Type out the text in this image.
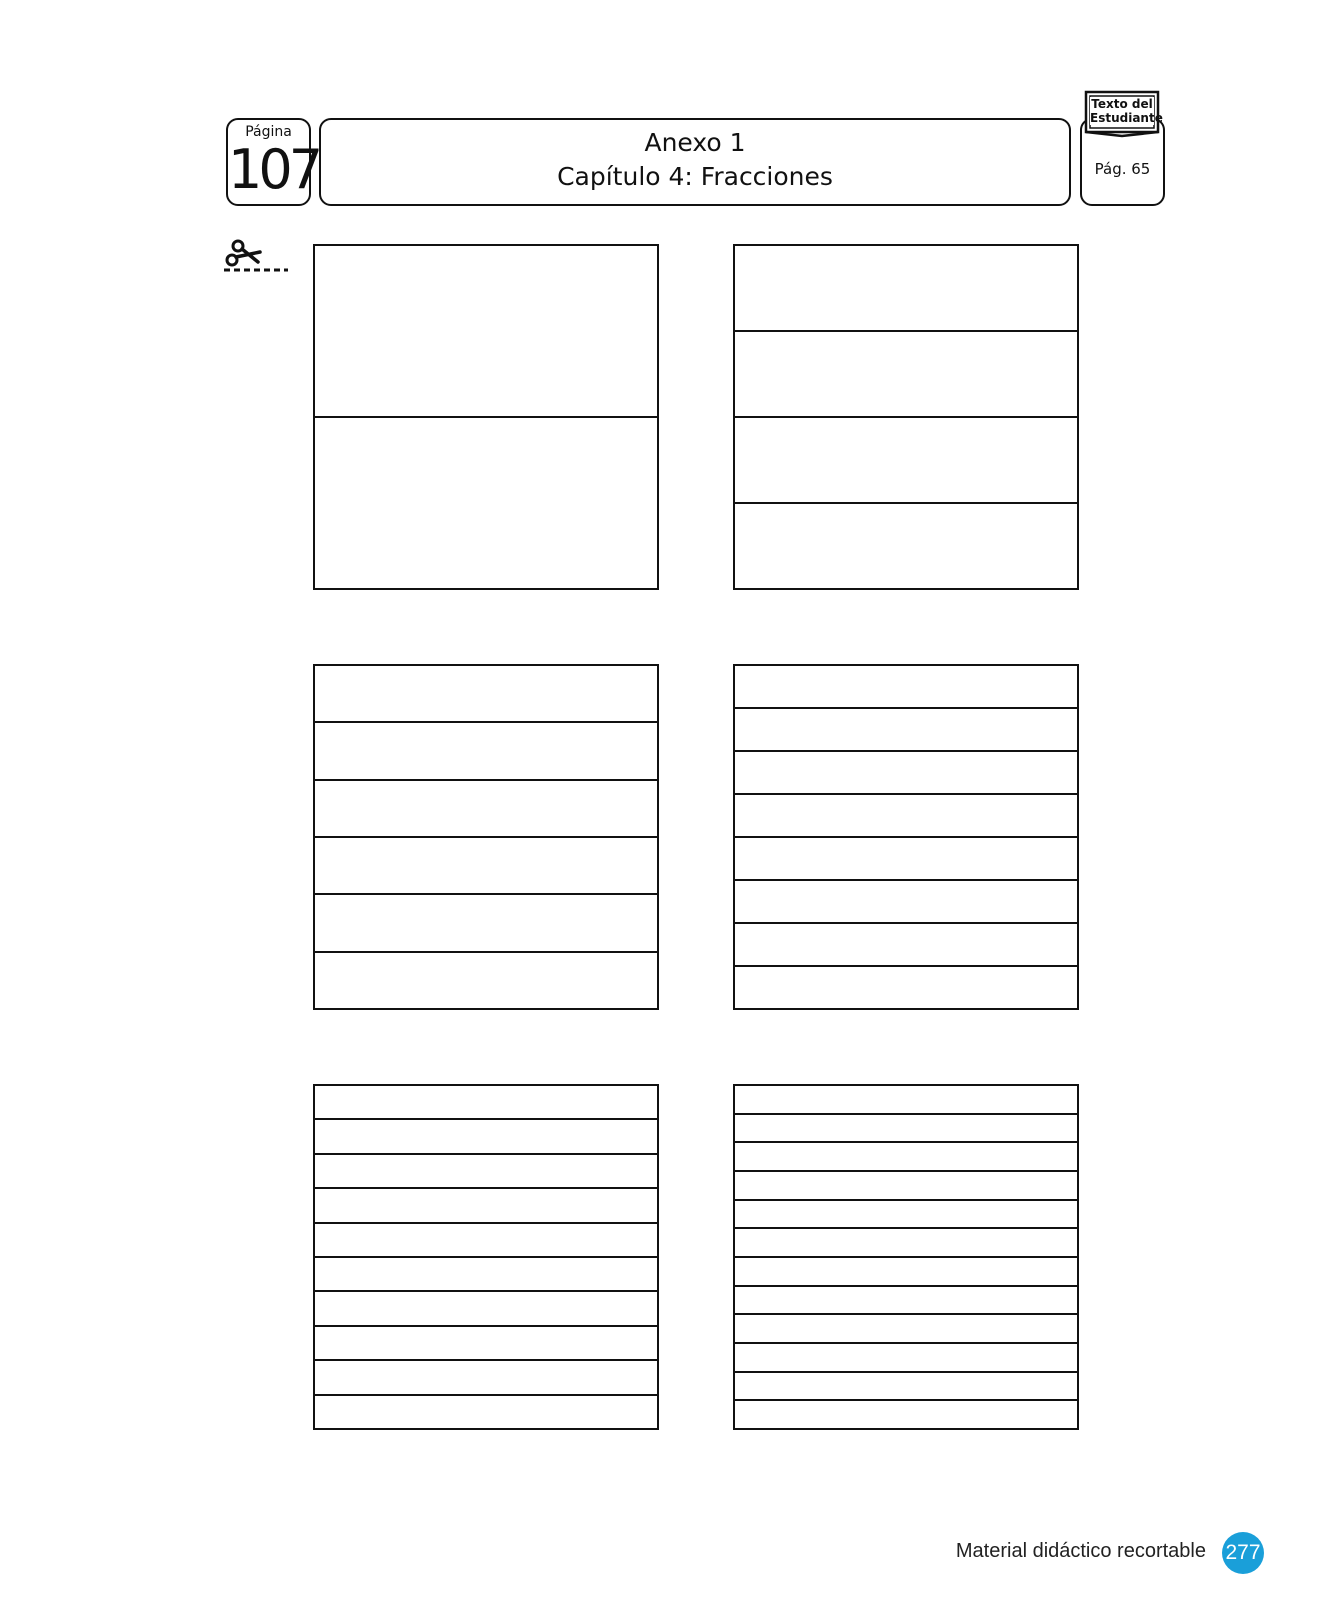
Página
107	Anexo 1
Capítulo 4: Fracciones	Pág. 65
Texto del Estudiante
Material didáctico recortable 277
